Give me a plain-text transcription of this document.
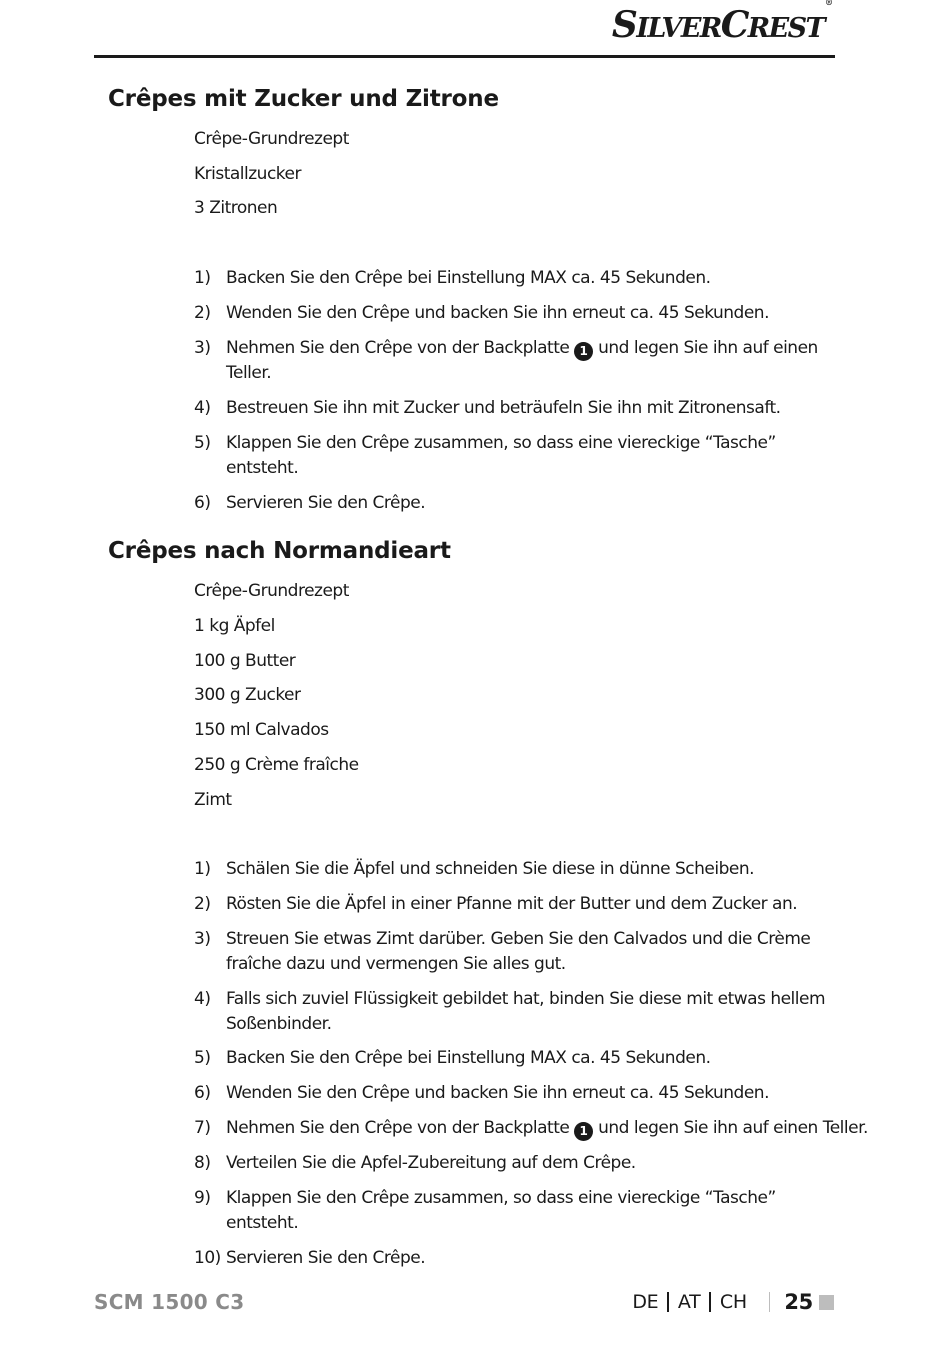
SILVERCREST®
Crêpes mit Zucker und Zitrone

Crêpe-Grundrezept

Kristallzucker

3 Zitronen

1) Backen Sie den Crêpe bei Einstellung MAX ca. 45 Sekunden.
2) Wenden Sie den Crêpe und backen Sie ihn erneut ca. 45 Sekunden.
3) Nehmen Sie den Crêpe von der Backplatte 1 und legen Sie ihn auf einen
Teller.
4) Bestreuen Sie ihn mit Zucker und beträufeln Sie ihn mit Zitronensaft.
5) Klappen Sie den Crêpe zusammen, so dass eine viereckige “Tasche”
entsteht.
6) Servieren Sie den Crêpe.
Crêpes nach Normandieart

Crêpe-Grundrezept

1 kg Äpfel

100 g Butter

300 g Zucker

150 ml Calvados

250 g Crème fraîche

Zimt

1) Schälen Sie die Äpfel und schneiden Sie diese in dünne Scheiben.
2) Rösten Sie die Äpfel in einer Pfanne mit der Butter und dem Zucker an.
3) Streuen Sie etwas Zimt darüber. Geben Sie den Calvados und die Crème
fraîche dazu und vermengen Sie alles gut.
4) Falls sich zuviel Flüssigkeit gebildet hat, binden Sie diese mit etwas hellem
Soßenbinder.
5) Backen Sie den Crêpe bei Einstellung MAX ca. 45 Sekunden.
6) Wenden Sie den Crêpe und backen Sie ihn erneut ca. 45 Sekunden.
7) Nehmen Sie den Crêpe von der Backplatte 1 und legen Sie ihn auf einen Teller.
8) Verteilen Sie die Apfel-Zubereitung auf dem Crêpe.
9) Klappen Sie den Crêpe zusammen, so dass eine viereckige “Tasche”
entsteht.
10) Servieren Sie den Crêpe.
SCM 1500 C3	DE AT CH 25
